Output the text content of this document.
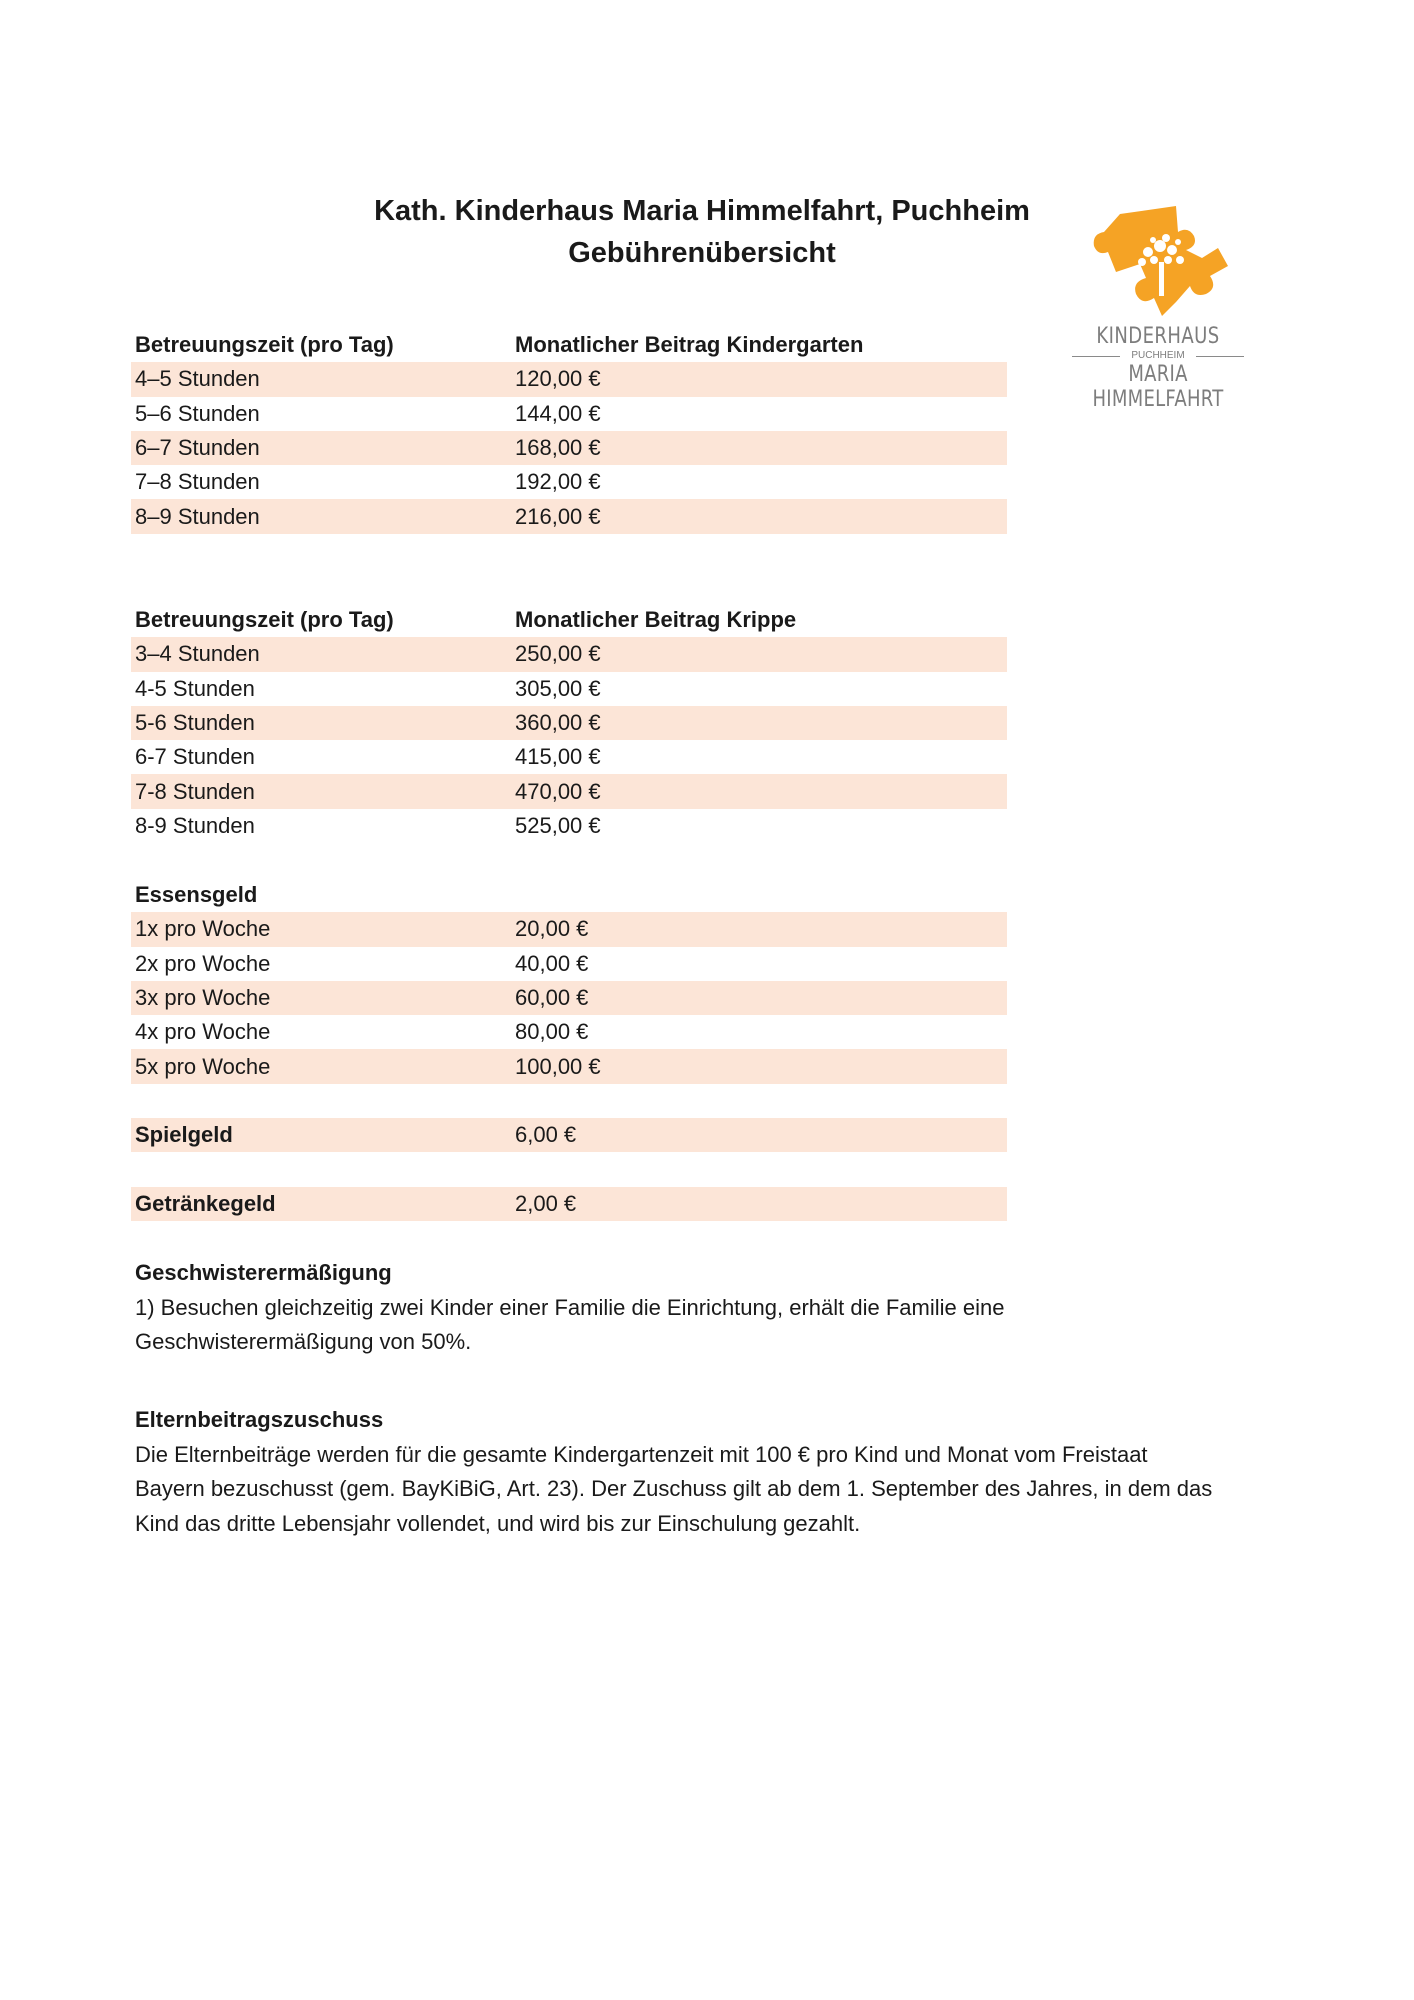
Kath. Kinderhaus Maria Himmelfahrt, Puchheim
Gebührenübersicht
KINDERHAUS
PUCHHEIM
MARIA HIMMELFAHRT
Betreuungszeit (pro Tag)	Monatlicher Beitrag Kindergarten
4–5 Stunden	120,00 €
5–6 Stunden	144,00 €
6–7 Stunden	168,00 €
7–8 Stunden	192,00 €
8–9 Stunden	216,00 €
Betreuungszeit (pro Tag)	Monatlicher Beitrag Krippe
3–4 Stunden	250,00 €
4-5 Stunden	305,00 €
5-6 Stunden	360,00 €
6-7 Stunden	415,00 €
7-8 Stunden	470,00 €
8-9 Stunden	525,00 €
Essensgeld
1x pro Woche	20,00 €
2x pro Woche	40,00 €
3x pro Woche	60,00 €
4x pro Woche	80,00 €
5x pro Woche	100,00 €
Spielgeld	6,00 €
Getränkegeld	2,00 €
Geschwisterermäßigung
1) Besuchen gleichzeitig zwei Kinder einer Familie die Einrichtung, erhält die Familie eine
Geschwisterermäßigung von 50%.
Elternbeitragszuschuss
Die Elternbeiträge werden für die gesamte Kindergartenzeit mit 100 € pro Kind und Monat vom Freistaat
Bayern bezuschusst (gem. BayKiBiG, Art. 23). Der Zuschuss gilt ab dem 1. September des Jahres, in dem das
Kind das dritte Lebensjahr vollendet, und wird bis zur Einschulung gezahlt.
